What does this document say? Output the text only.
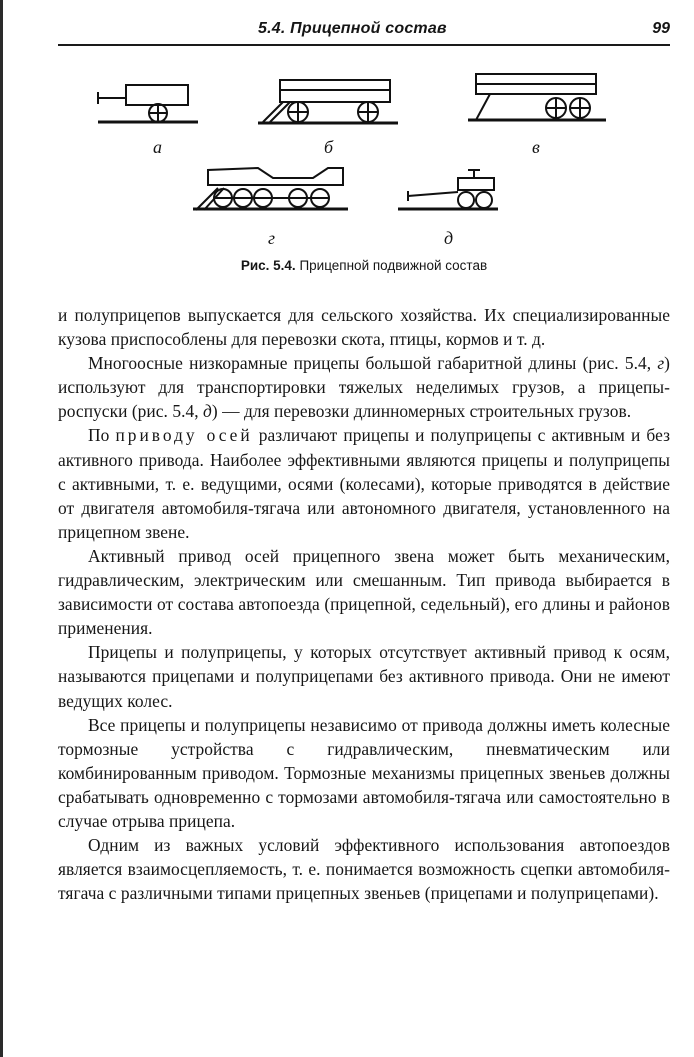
5.4. Прицепной состав	99
а	б	в
г	д
Рис. 5.4. Прицепной подвижной состав

и полуприцепов выпускается для сельского хозяйства. Их специализированные кузова приспособлены для перевозки скота, птицы, кормов и т. д.

Многоосные низкорамные прицепы большой габаритной длины (рис. 5.4, г) используют для транспортировки тяжелых неделимых грузов, а прицепы-роспуски (рис. 5.4, д) — для перевозки длинномерных строительных грузов.

По приводу осей различают прицепы и полуприцепы с активным и без активного привода. Наиболее эффективными являются прицепы и полуприцепы с активными, т. е. ведущими, осями (колесами), которые приводятся в действие от двигателя автомобиля-тягача или автономного двигателя, установленного на прицепном звене.

Активный привод осей прицепного звена может быть механическим, гидравлическим, электрическим или смешанным. Тип привода выбирается в зависимости от состава автопоезда (прицепной, седельный), его длины и районов применения.

Прицепы и полуприцепы, у которых отсутствует активный привод к осям, называются прицепами и полуприцепами без активного привода. Они не имеют ведущих колес.

Все прицепы и полуприцепы независимо от привода должны иметь колесные тормозные устройства с гидравлическим, пневматическим или комбинированным приводом. Тормозные механизмы прицепных звеньев должны срабатывать одновременно с тормозами автомобиля-тягача или самостоятельно в случае отрыва прицепа.

Одним из важных условий эффективного использования автопоездов является взаимосцепляемость, т. е. понимается возможность сцепки автомобиля-тягача с различными типами прицепных звеньев (прицепами и полуприцепами).
